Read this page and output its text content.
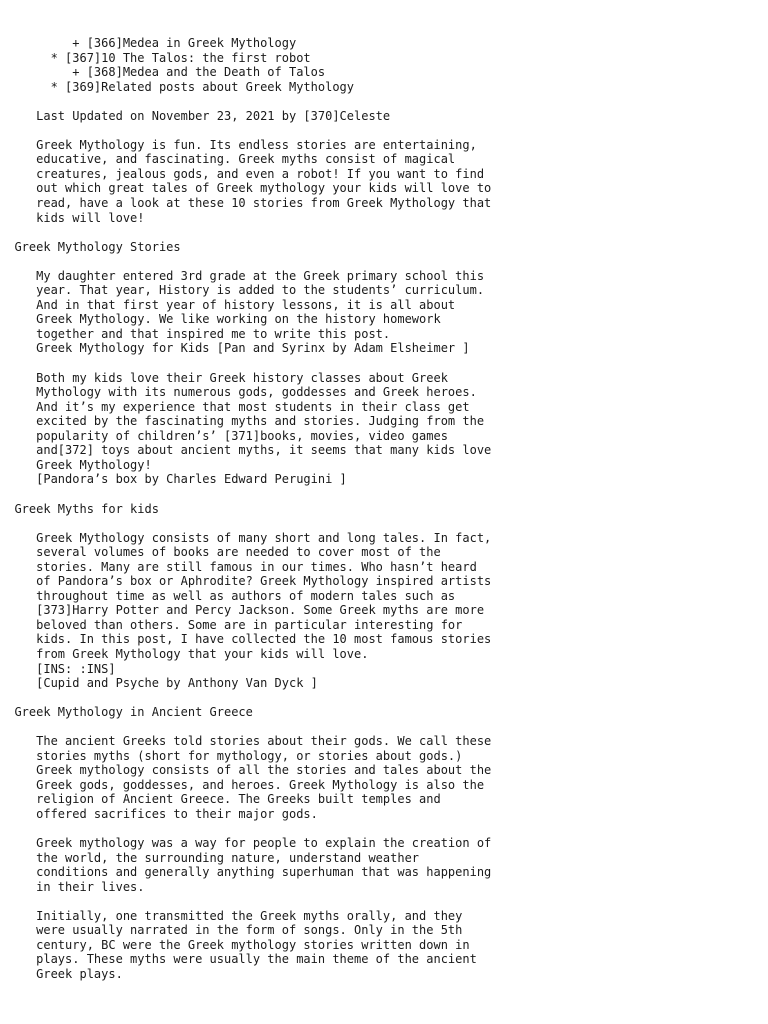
+ [366]Medea in Greek Mythology
* [367]10 The Talos: the first robot
+ [368]Medea and the Death of Talos
* [369]Related posts about Greek Mythology
Last Updated on November 23, 2021 by [370]Celeste
Greek Mythology is fun. Its endless stories are entertaining,
educative, and fascinating. Greek myths consist of magical
creatures, jealous gods, and even a robot! If you want to find
out which great tales of Greek mythology your kids will love to
read, have a look at these 10 stories from Greek Mythology that
kids will love!
Greek Mythology Stories
My daughter entered 3rd grade at the Greek primary school this
year. That year, History is added to the students’ curriculum.
And in that first year of history lessons, it is all about
Greek Mythology. We like working on the history homework
together and that inspired me to write this post.
Greek Mythology for Kids [Pan and Syrinx by Adam Elsheimer ]
Both my kids love their Greek history classes about Greek
Mythology with its numerous gods, goddesses and Greek heroes.
And it’s my experience that most students in their class get
excited by the fascinating myths and stories. Judging from the
popularity of children’s’ [371]books, movies, video games
and[372] toys about ancient myths, it seems that many kids love
Greek Mythology!
[Pandora’s box by Charles Edward Perugini ]
Greek Myths for kids
Greek Mythology consists of many short and long tales. In fact,
several volumes of books are needed to cover most of the
stories. Many are still famous in our times. Who hasn’t heard
of Pandora’s box or Aphrodite? Greek Mythology inspired artists
throughout time as well as authors of modern tales such as
[373]Harry Potter and Percy Jackson. Some Greek myths are more
beloved than others. Some are in particular interesting for
kids. In this post, I have collected the 10 most famous stories
from Greek Mythology that your kids will love.
[INS: :INS]
[Cupid and Psyche by Anthony Van Dyck ]
Greek Mythology in Ancient Greece
The ancient Greeks told stories about their gods. We call these
stories myths (short for mythology, or stories about gods.)
Greek mythology consists of all the stories and tales about the
Greek gods, goddesses, and heroes. Greek Mythology is also the
religion of Ancient Greece. The Greeks built temples and
offered sacrifices to their major gods.
Greek mythology was a way for people to explain the creation of
the world, the surrounding nature, understand weather
conditions and generally anything superhuman that was happening
in their lives.
Initially, one transmitted the Greek myths orally, and they
were usually narrated in the form of songs. Only in the 5th
century, BC were the Greek mythology stories written down in
plays. These myths were usually the main theme of the ancient
Greek plays.
